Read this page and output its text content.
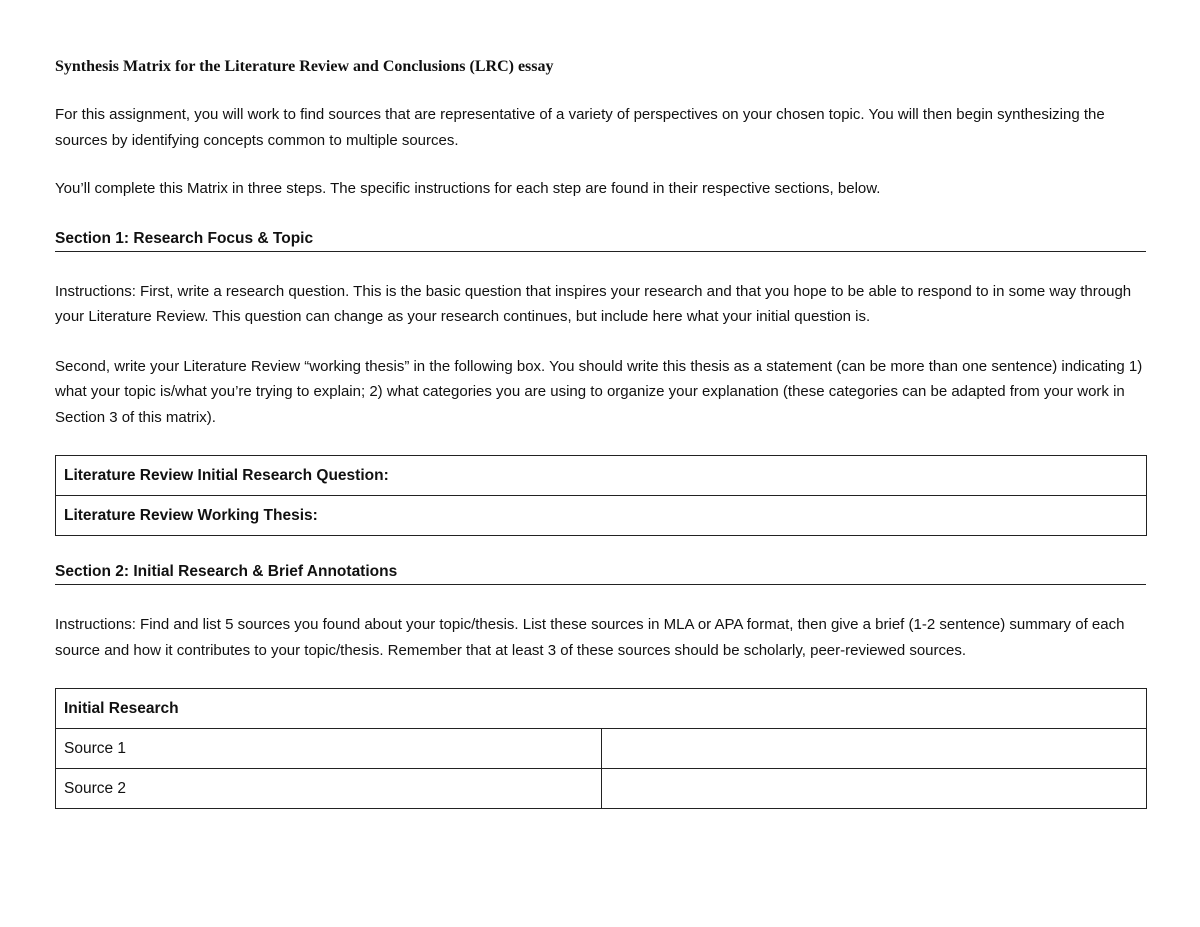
Synthesis Matrix for the Literature Review and Conclusions (LRC) essay

For this assignment, you will work to find sources that are representative of a variety of perspectives on your chosen topic. You will then begin synthesizing the sources by identifying concepts common to multiple sources.

You’ll complete this Matrix in three steps. The specific instructions for each step are found in their respective sections, below.

Section 1: Research Focus & Topic

Instructions: First, write a research question. This is the basic question that inspires your research and that you hope to be able to respond to in some way through your Literature Review. This question can change as your research continues, but include here what your initial question is.

Second, write your Literature Review “working thesis” in the following box. You should write this thesis as a statement (can be more than one sentence) indicating 1) what your topic is/what you’re trying to explain; 2) what categories you are using to organize your explanation (these categories can be adapted from your work in Section 3 of this matrix).

Literature Review Initial Research Question:
Literature Review Working Thesis:
Section 2: Initial Research & Brief Annotations

Instructions: Find and list 5 sources you found about your topic/thesis. List these sources in MLA or APA format, then give a brief (1-2 sentence) summary of each source and how it contributes to your topic/thesis. Remember that at least 3 of these sources should be scholarly, peer-reviewed sources.

Initial Research	
Source 1	
Source 2	
